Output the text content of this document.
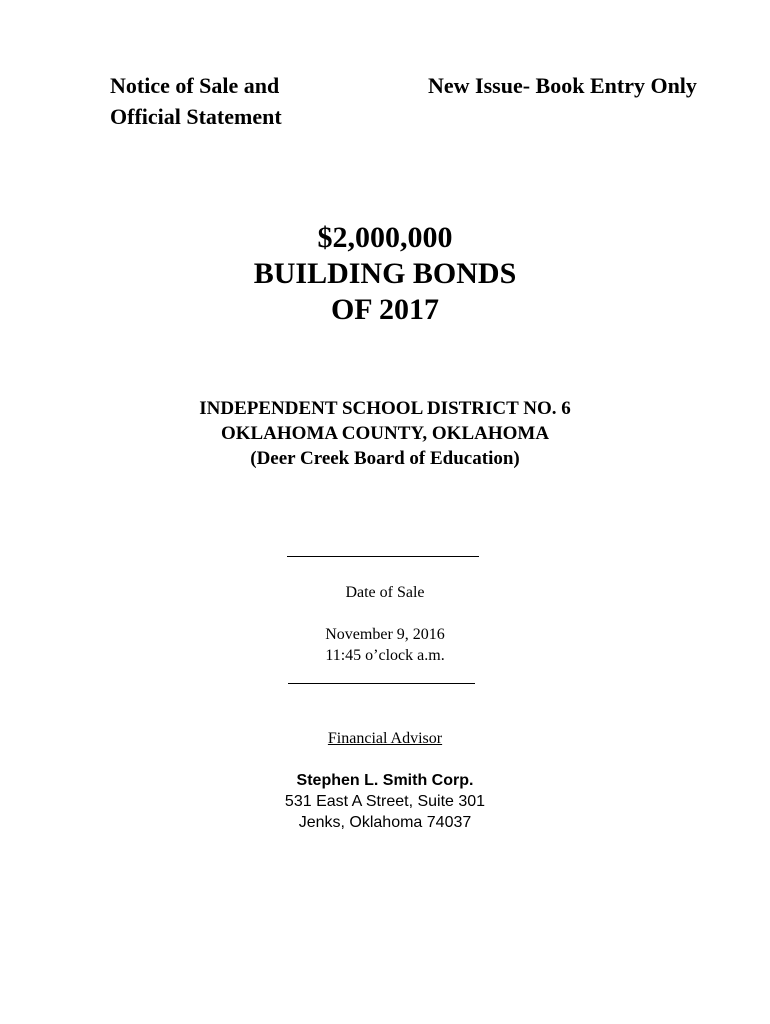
Notice of Sale and
Official Statement
New Issue- Book Entry Only
$2,000,000
BUILDING BONDS
OF 2017
INDEPENDENT SCHOOL DISTRICT NO. 6
OKLAHOMA COUNTY, OKLAHOMA
(Deer Creek Board of Education)
Date of Sale
November 9, 2016
11:45 o’clock a.m.
Financial Advisor
Stephen L. Smith Corp.
531 East A Street, Suite 301
Jenks, Oklahoma 74037
